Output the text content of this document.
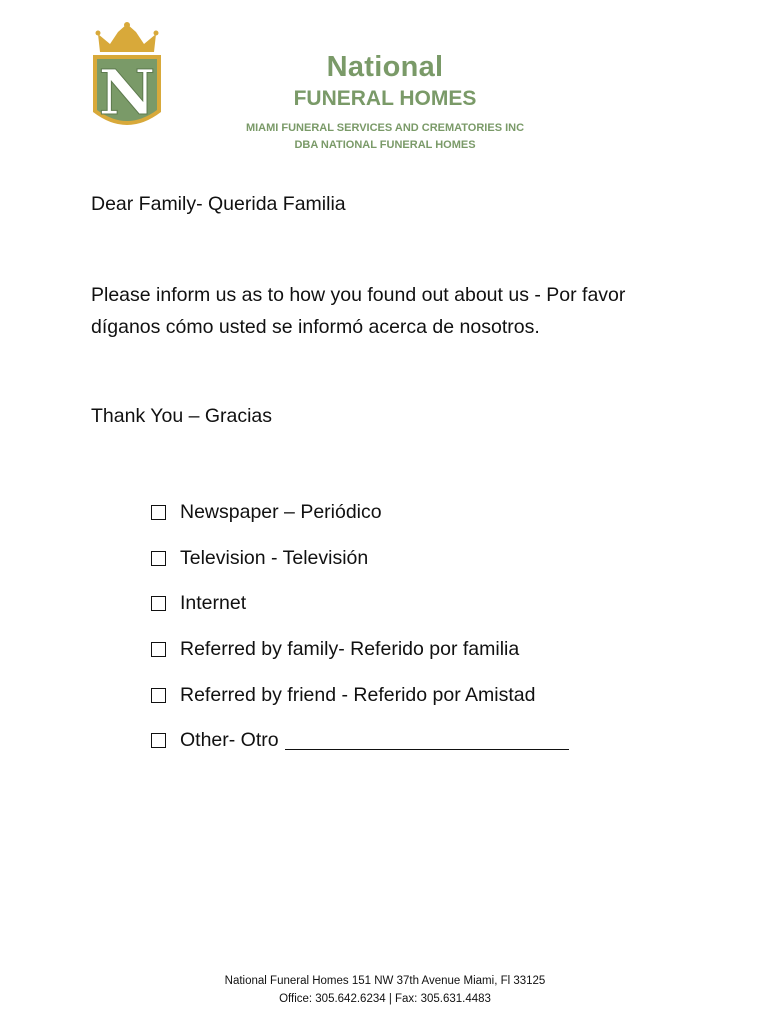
N	National
FUNERAL HOMES
MIAMI FUNERAL SERVICES AND CREMATORIES INC
DBA NATIONAL FUNERAL HOMES
Dear Family- Querida Familia
Please inform us as to how you found out about us - Por favor
díganos cómo usted se informó acerca de nosotros.
Thank You – Gracias
Newspaper – Periódico
Television - Televisión
Internet
Referred by family- Referido por familia
Referred by friend - Referido por Amistad
Other- Otro
National Funeral Homes 151 NW 37th Avenue Miami, Fl 33125
Office: 305.642.6234 | Fax: 305.631.4483
